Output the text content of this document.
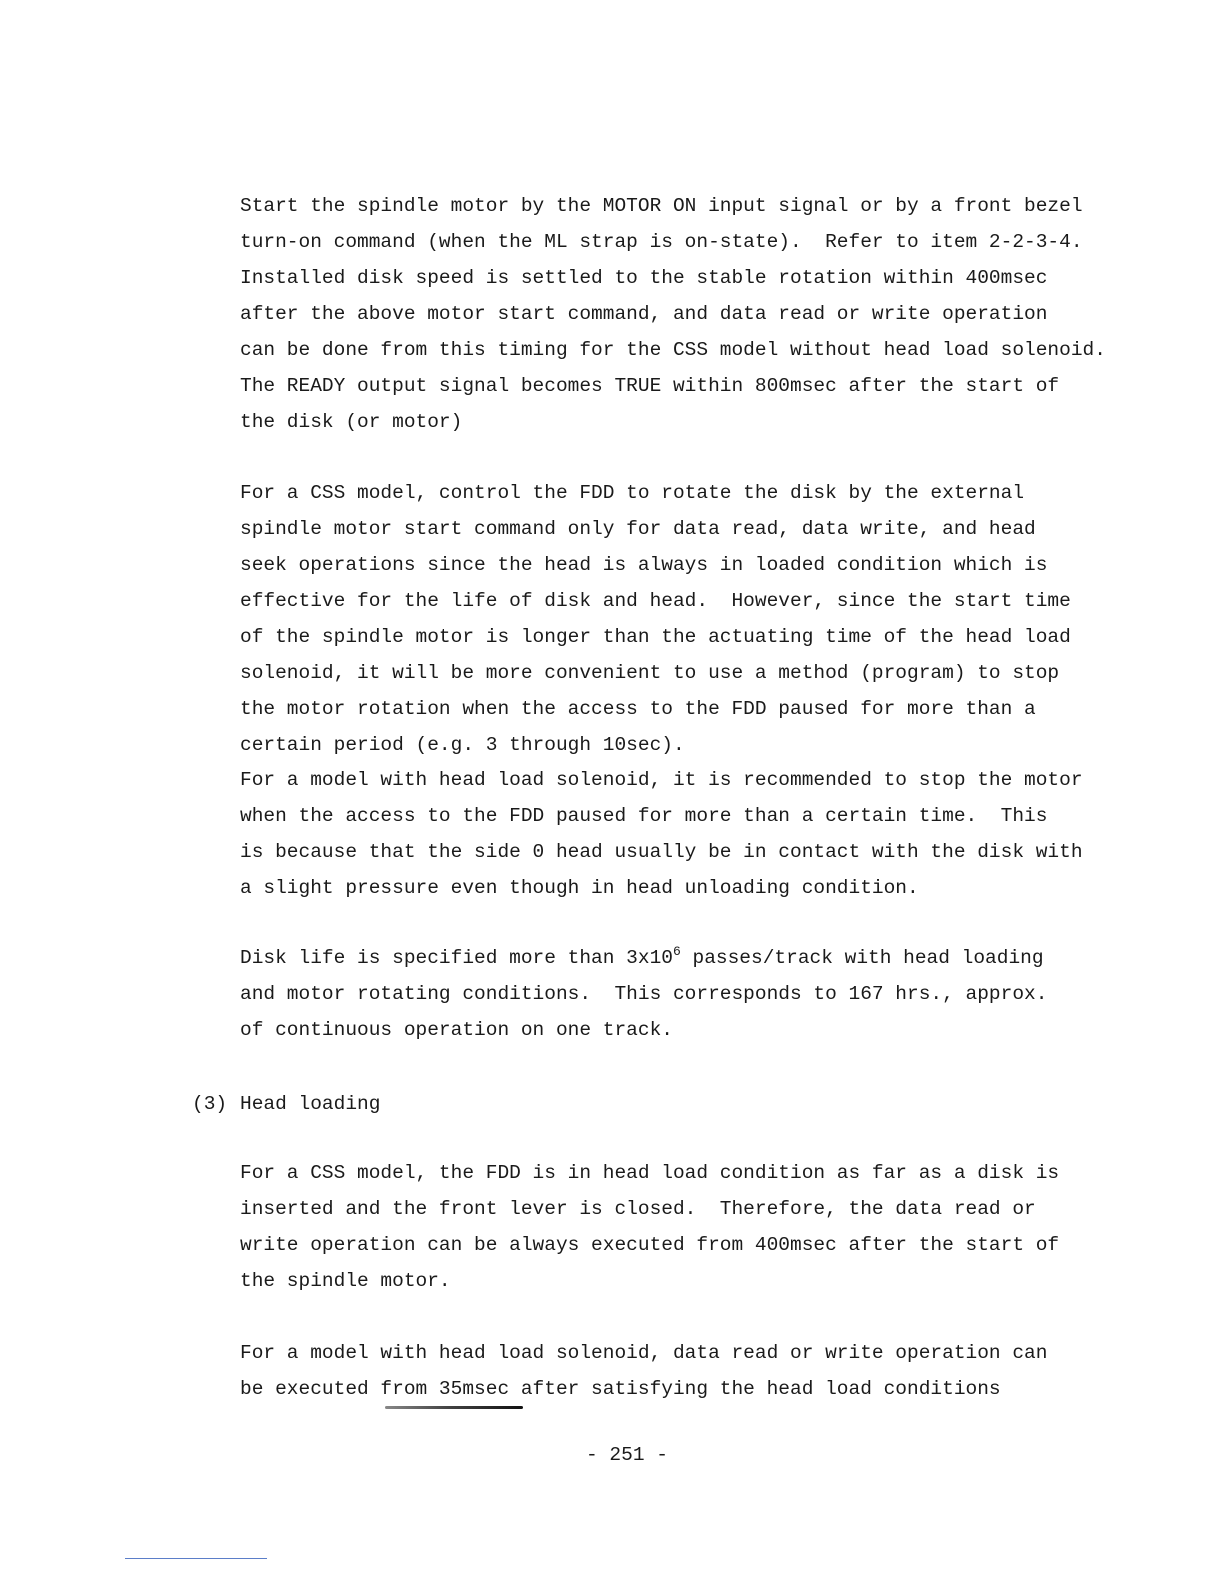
Start the spindle motor by the MOTOR ON input signal or by a front bezel
turn-on command (when the ML strap is on-state).  Refer to item 2-2-3-4.
Installed disk speed is settled to the stable rotation within 400msec
after the above motor start command, and data read or write operation
can be done from this timing for the CSS model without head load solenoid.
The READY output signal becomes TRUE within 800msec after the start of
the disk (or motor)
For a CSS model, control the FDD to rotate the disk by the external
spindle motor start command only for data read, data write, and head
seek operations since the head is always in loaded condition which is
effective for the life of disk and head.  However, since the start time
of the spindle motor is longer than the actuating time of the head load
solenoid, it will be more convenient to use a method (program) to stop
the motor rotation when the access to the FDD paused for more than a
certain period (e.g. 3 through 10sec).
For a model with head load solenoid, it is recommended to stop the motor
when the access to the FDD paused for more than a certain time.  This
is because that the side 0 head usually be in contact with the disk with
a slight pressure even though in head unloading condition.
Disk life is specified more than $3x10^6$ passes/track with head loading
and motor rotating conditions.  This corresponds to 167 hrs., approx.
of continuous operation on one track.
(3) Head loading
For a CSS model, the FDD is in head load condition as far as a disk is
inserted and the front lever is closed.  Therefore, the data read or
write operation can be always executed from 400msec after the start of
the spindle motor.
For a model with head load solenoid, data read or write operation can
be executed from 35msec after satisfying the head load conditions
- 251 -
